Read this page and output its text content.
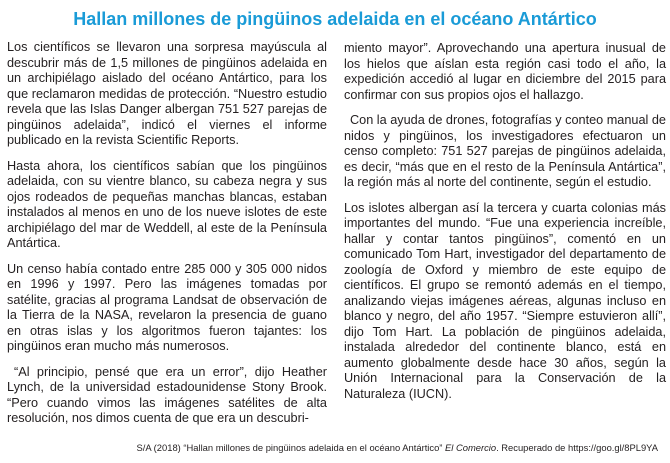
Hallan millones de pingüinos adelaida en el océano Antártico

Los científicos se llevaron una sorpresa mayúscula al descubrir más de 1,5 millones de pingüinos adelaida en un archipiélago aislado del océano Antártico, para los que reclamaron medidas de protección. “Nuestro estudio revela que las Islas Danger albergan 751 527 parejas de pingüinos adelaida”, indicó el viernes el informe publicado en la revista Scientific Reports.

Hasta ahora, los científicos sabían que los pingüinos adelaida, con su vientre blanco, su cabeza negra y sus ojos rodeados de pequeñas manchas blancas, estaban instalados al menos en uno de los nueve islotes de este archipiélago del mar de Weddell, al este de la Península Antártica.

Un censo había contado entre 285 000 y 305 000 nidos en 1996 y 1997. Pero las imágenes tomadas por satélite, gracias al programa Landsat de observación de la Tierra de la NASA, revelaron la presencia de guano en otras islas y los algoritmos fueron tajantes: los pingüinos eran mucho más numerosos.

“Al principio, pensé que era un error”, dijo Heather Lynch, de la universidad estadounidense Stony Brook. “Pero cuando vimos las imágenes satélites de alta resolución, nos dimos cuenta de que era un descubri-

miento mayor”. Aprovechando una apertura inusual de los hielos que aíslan esta región casi todo el año, la expedición accedió al lugar en diciembre del 2015 para confirmar con sus propios ojos el hallazgo.

Con la ayuda de drones, fotografías y conteo manual de nidos y pingüinos, los investigadores efectuaron un censo completo: 751 527 parejas de pingüinos adelaida, es decir, “más que en el resto de la Península Antártica”, la región más al norte del continente, según el estudio.

Los islotes albergan así la tercera y cuarta colonias más importantes del mundo. “Fue una experiencia increíble, hallar y contar tantos pingüinos”, comentó en un comunicado Tom Hart, investigador del departamento de zoología de Oxford y miembro de este equipo de científicos. El grupo se remontó además en el tiempo, analizando viejas imágenes aéreas, algunas incluso en blanco y negro, del año 1957. “Siempre estuvieron allí”, dijo Tom Hart. La población de pingüinos adelaida, instalada alrededor del continente blanco, está en aumento globalmente desde hace 30 años, según la Unión Internacional para la Conservación de la Naturaleza (IUCN).

S/A (2018) “Hallan millones de pingüinos adelaida en el océano Antártico” El Comercio. Recuperado de https://goo.gl/8PL9YA
